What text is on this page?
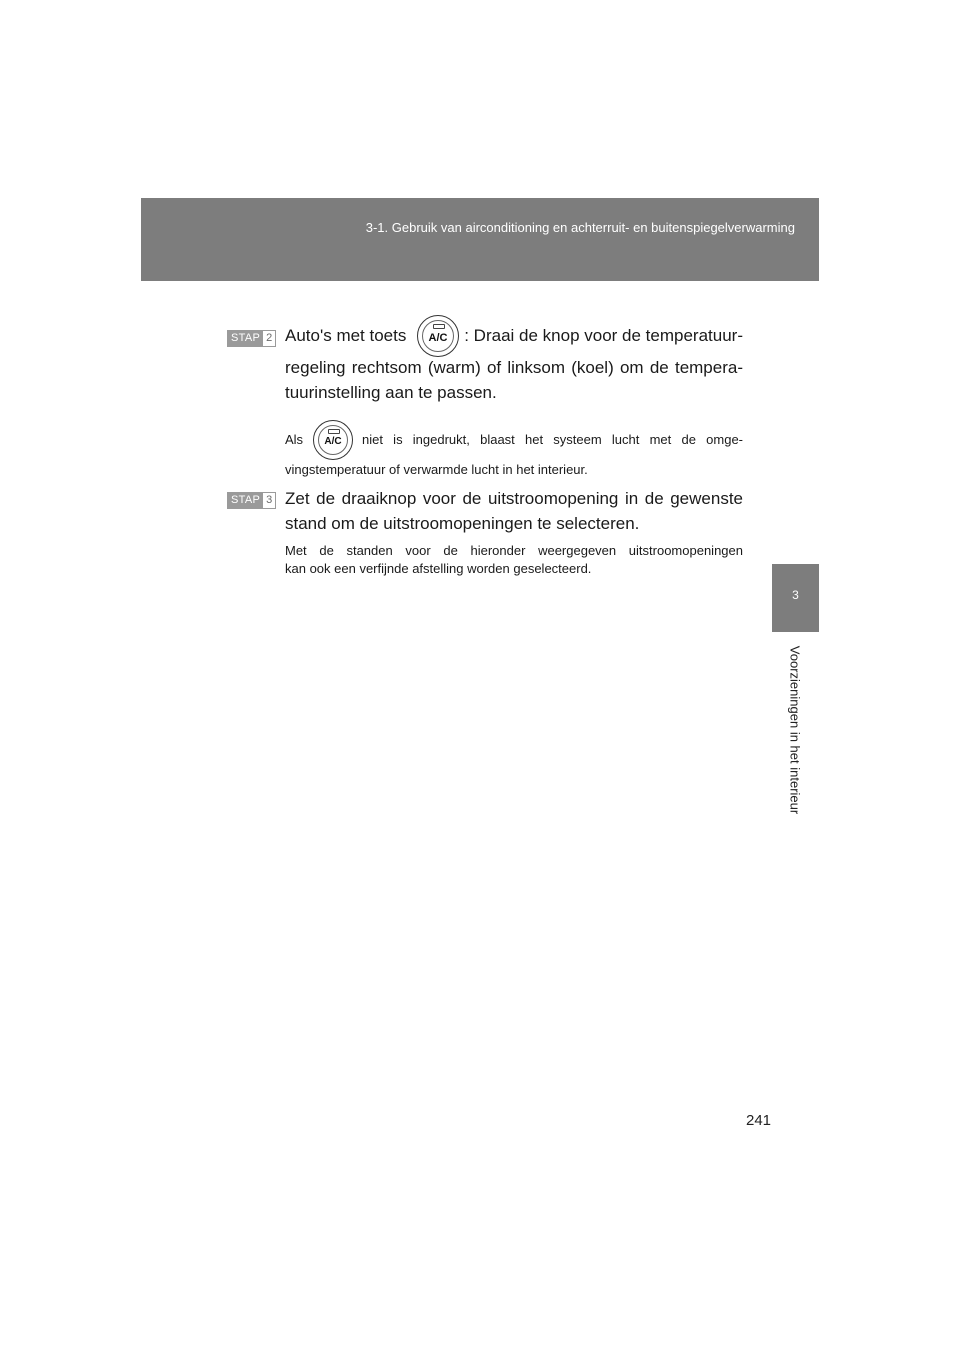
3-1. Gebruik van airconditioning en achterruit- en buitenspiegelverwarming
3
Voorzieningen in het interieur
STAP 2 Auto's met toets	A/C : Draai de knop voor de temperatuur-
regeling rechtsom (warm) of linksom (koel) om de tempera-
tuurinstelling aan te passen.
Als	A/C	niet is ingedrukt, blaast het systeem lucht met de omge-
vingstemperatuur of verwarmde lucht in het interieur.
STAP 3 Zet de draaiknop voor de uitstroomopening in de gewenste
stand om de uitstroomopeningen te selecteren.
Met de standen voor de hieronder weergegeven uitstroomopeningen
kan ook een verfijnde afstelling worden geselecteerd.
241
